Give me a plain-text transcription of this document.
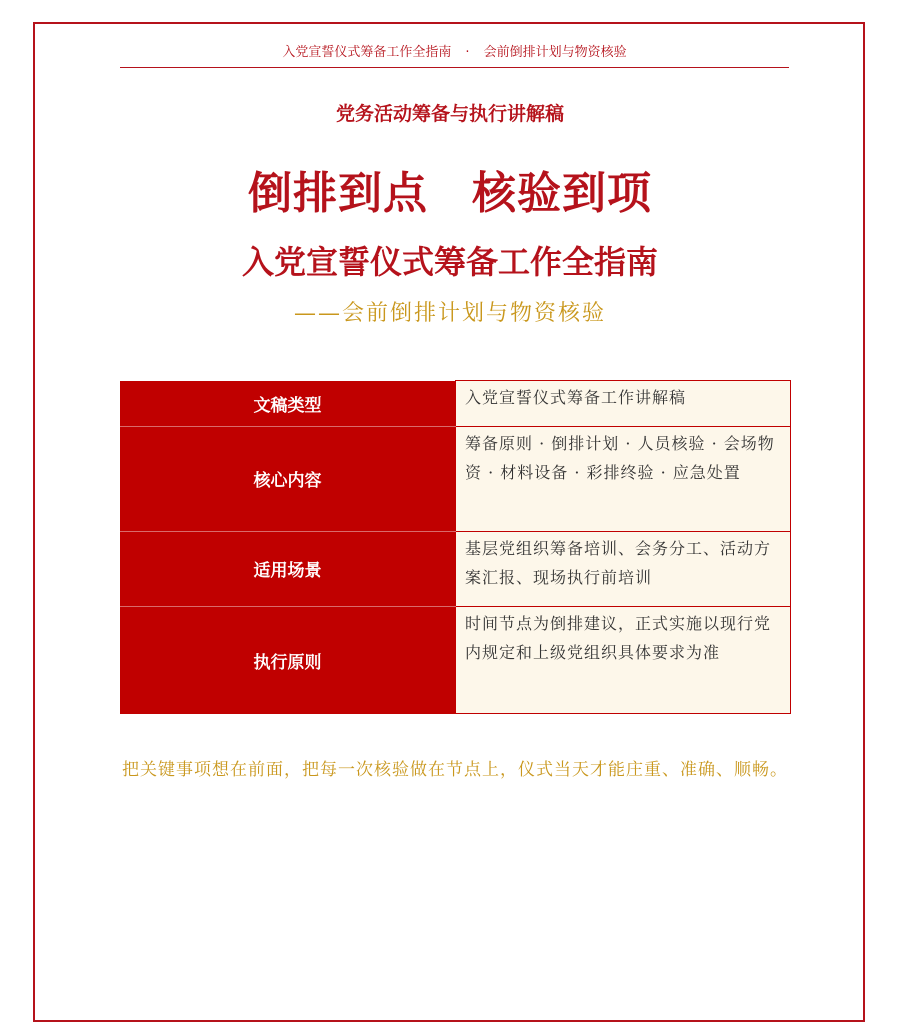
入党宣誓仪式筹备工作全指南 · 会前倒排计划与物资核验
党务活动筹备与执行讲解稿
倒排到点 核验到项
入党宣誓仪式筹备工作全指南
——会前倒排计划与物资核验
文稿类型	入党宣誓仪式筹备工作讲解稿
核心内容	筹备原则 · 倒排计划 · 人员核验 · 会场物资 · 材料设备 · 彩排终验 · 应急处置
适用场景	基层党组织筹备培训、会务分工、活动方案汇报、现场执行前培训
执行原则	时间节点为倒排建议，正式实施以现行党内规定和上级党组织具体要求为准
把关键事项想在前面，把每一次核验做在节点上，仪式当天才能庄重、准确、顺畅。
